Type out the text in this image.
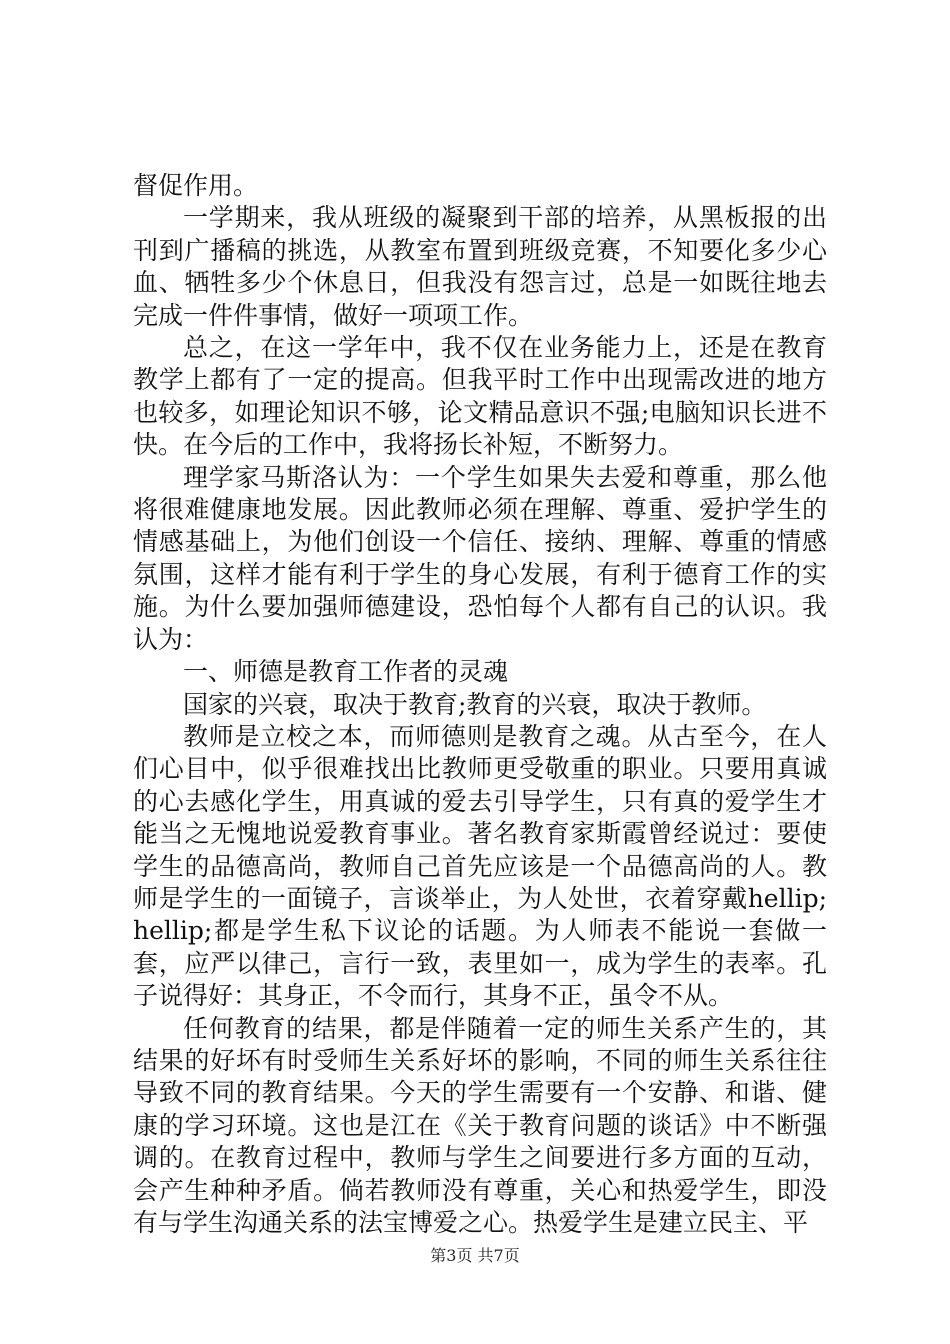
督促作用。

一学期来，我从班级的凝聚到干部的培养，从黑板报的出刊到广播稿的挑选，从教室布置到班级竞赛，不知要化多少心血、牺牲多少个休息日，但我没有怨言过，总是一如既往地去完成一件件事情，做好一项项工作。

总之，在这一学年中，我不仅在业务能力上，还是在教育教学上都有了一定的提高。但我平时工作中出现需改进的地方也较多，如理论知识不够，论文精品意识不强;电脑知识长进不快。在今后的工作中，我将扬长补短，不断努力。

理学家马斯洛认为：一个学生如果失去爱和尊重，那么他将很难健康地发展。因此教师必须在理解、尊重、爱护学生的情感基础上，为他们创设一个信任、接纳、理解、尊重的情感氛围，这样才能有利于学生的身心发展，有利于德育工作的实施。为什么要加强师德建设，恐怕每个人都有自己的认识。我认为：

一、师德是教育工作者的灵魂

国家的兴衰，取决于教育;教育的兴衰，取决于教师。

教师是立校之本，而师德则是教育之魂。从古至今，在人们心目中，似乎很难找出比教师更受敬重的职业。只要用真诚的心去感化学生，用真诚的爱去引导学生，只有真的爱学生才能当之无愧地说爱教育事业。著名教育家斯霞曾经说过：要使学生的品德高尚，教师自己首先应该是一个品德高尚的人。教师是学生的一面镜子，言谈举止，为人处世，衣着穿戴hellip;hellip;都是学生私下议论的话题。为人师表不能说一套做一套，应严以律己，言行一致，表里如一，成为学生的表率。孔子说得好：其身正，不令而行，其身不正，虽令不从。

任何教育的结果，都是伴随着一定的师生关系产生的，其结果的好坏有时受师生关系好坏的影响，不同的师生关系往往导致不同的教育结果。今天的学生需要有一个安静、和谐、健康的学习环境。这也是江在《关于教育问题的谈话》中不断强调的。在教育过程中，教师与学生之间要进行多方面的互动，会产生种种矛盾。倘若教师没有尊重，关心和热爱学生，即没有与学生沟通关系的法宝博爱之心。热爱学生是建立民主、平

第3页 共7页
